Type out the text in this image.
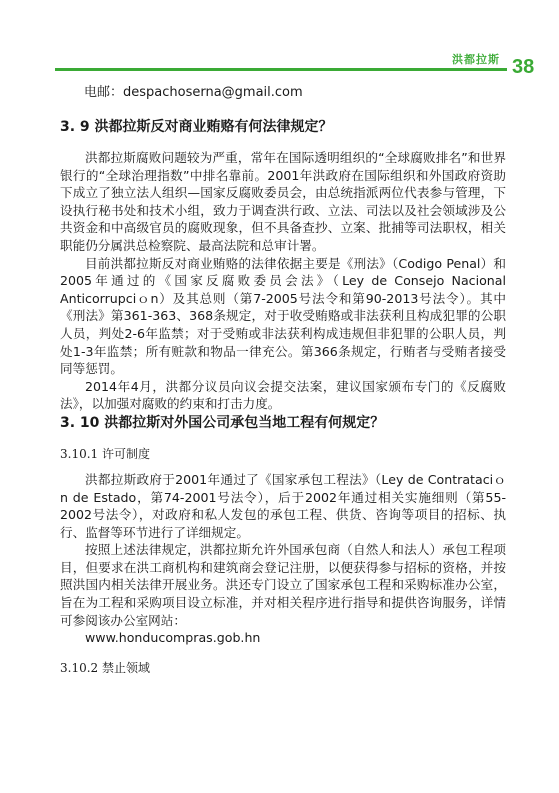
洪都拉斯 38
电邮：despachoserna@gmail.com
3. 9 洪都拉斯反对商业贿赂有何法律规定？

洪都拉斯腐败问题较为严重，常年在国际透明组织的“全球腐败排名”和世界银行的“全球治理指数”中排名靠前。2001年洪政府在国际组织和外国政府资助下成立了独立法人组织—国家反腐败委员会，由总统指派两位代表参与管理，下设执行秘书处和技术小组，致力于调查洪行政、立法、司法以及社会领域涉及公共资金和中高级官员的腐败现象，但不具备查抄、立案、批捕等司法职权，相关职能仍分属洪总检察院、最高法院和总审计署。

目前洪都拉斯反对商业贿赂的法律依据主要是《刑法》（Codigo Penal）和2005年通过的《国家反腐败委员会法》（Ley de Consejo Nacional Anticorrupciｏn）及其总则（第7-2005号法令和第90-2013号法令）。其中《刑法》第361-363、368条规定，对于收受贿赂或非法获利且构成犯罪的公职人员，判处2-6年监禁；对于受贿或非法获利构成违规但非犯罪的公职人员，判处1-3年监禁；所有赃款和物品一律充公。第366条规定，行贿者与受贿者接受同等惩罚。

2014年4月，洪都分议员向议会提交法案，建议国家颁布专门的《反腐败法》，以加强对腐败的约束和打击力度。

3. 10 洪都拉斯对外国公司承包当地工程有何规定？
3.10.1 许可制度

洪都拉斯政府于2001年通过了《国家承包工程法》（Ley de Contrataciｏn de Estado，第74-2001号法令），后于2002年通过相关实施细则（第55-2002号法令），对政府和私人发包的承包工程、供货、咨询等项目的招标、执行、监督等环节进行了详细规定。

按照上述法律规定，洪都拉斯允许外国承包商（自然人和法人）承包工程项目，但要求在洪工商机构和建筑商会登记注册，以便获得参与招标的资格，并按照洪国内相关法律开展业务。洪还专门设立了国家承包工程和采购标准办公室，旨在为工程和采购项目设立标准，并对相关程序进行指导和提供咨询服务，详情可参阅该办公室网站：

www.honducompras.gob.hn
3.10.2 禁止领域
